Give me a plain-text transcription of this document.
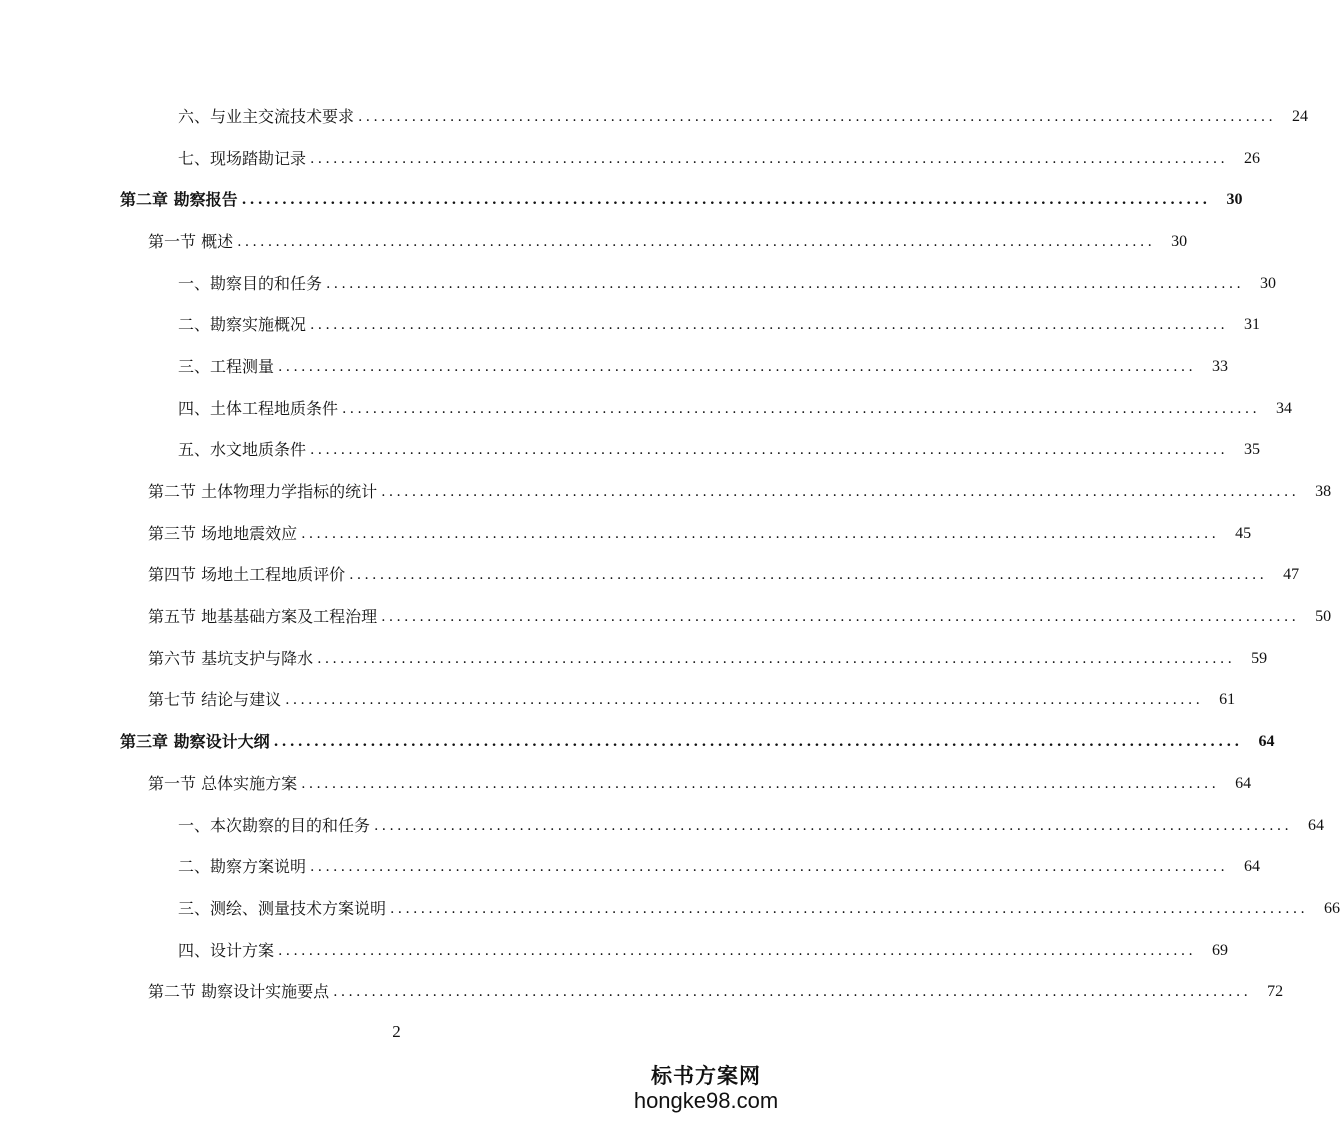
六、与业主交流技术要求 ........................................................................................................................	24
七、现场踏勘记录 ........................................................................................................................	26
第二章 勘察报告 ........................................................................................................................	30
第一节 概述 ........................................................................................................................	30
一、勘察目的和任务 ........................................................................................................................	30
二、勘察实施概况 ........................................................................................................................	31
三、工程测量 ........................................................................................................................	33
四、土体工程地质条件 ........................................................................................................................	34
五、水文地质条件 ........................................................................................................................	35
第二节 土体物理力学指标的统计 ........................................................................................................................	38
第三节 场地地震效应 ........................................................................................................................	45
第四节 场地土工程地质评价 ........................................................................................................................	47
第五节 地基基础方案及工程治理 ........................................................................................................................	50
第六节 基坑支护与降水 ........................................................................................................................	59
第七节 结论与建议 ........................................................................................................................	61
第三章 勘察设计大纲 ........................................................................................................................	64
第一节 总体实施方案 ........................................................................................................................	64
一、本次勘察的目的和任务 ........................................................................................................................	64
二、勘察方案说明 ........................................................................................................................	64
三、测绘、测量技术方案说明 ........................................................................................................................	66
四、设计方案 ........................................................................................................................	69
第二节 勘察设计实施要点 ........................................................................................................................	72
2
标书方案网
hongke98.com
